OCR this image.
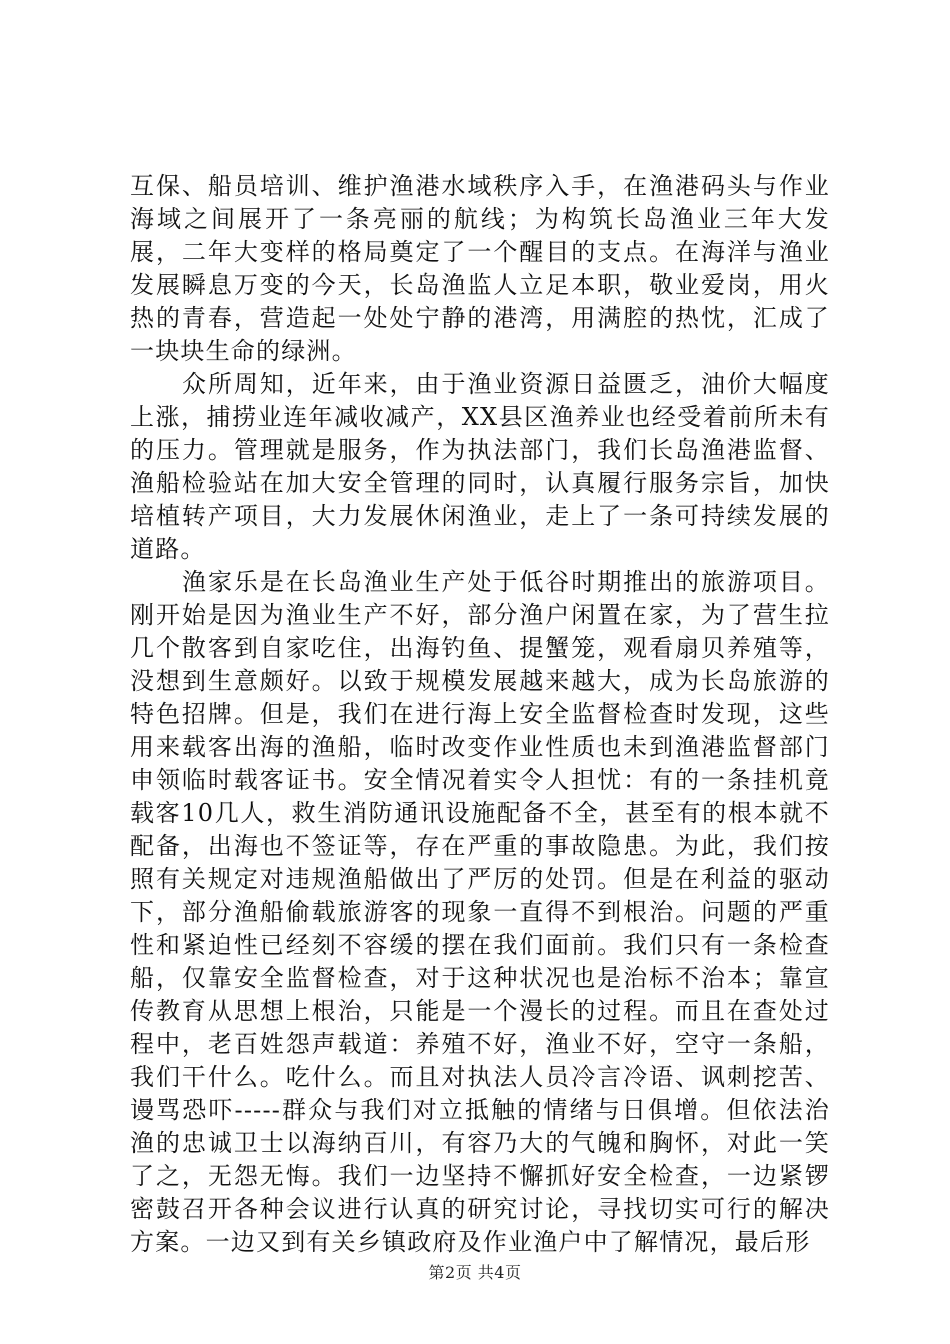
互保、船员培训、维护渔港水域秩序入手，在渔港码头与作业海域之间展开了一条亮丽的航线；为构筑长岛渔业三年大发展，二年大变样的格局奠定了一个醒目的支点。在海洋与渔业发展瞬息万变的今天，长岛渔监人立足本职，敬业爱岗，用火热的青春，营造起一处处宁静的港湾，用满腔的热忱，汇成了一块块生命的绿洲。

众所周知，近年来，由于渔业资源日益匮乏，油价大幅度上涨，捕捞业连年减收减产，XX县区渔养业也经受着前所未有的压力。管理就是服务，作为执法部门，我们长岛渔港监督、渔船检验站在加大安全管理的同时，认真履行服务宗旨，加快培植转产项目，大力发展休闲渔业，走上了一条可持续发展的道路。

渔家乐是在长岛渔业生产处于低谷时期推出的旅游项目。刚开始是因为渔业生产不好，部分渔户闲置在家，为了营生拉几个散客到自家吃住，出海钓鱼、提蟹笼，观看扇贝养殖等，没想到生意颇好。以致于规模发展越来越大，成为长岛旅游的特色招牌。但是，我们在进行海上安全监督检查时发现，这些用来载客出海的渔船，临时改变作业性质也未到渔港监督部门申领临时载客证书。安全情况着实令人担忧：有的一条挂机竟载客10几人，救生消防通讯设施配备不全，甚至有的根本就不配备，出海也不签证等，存在严重的事故隐患。为此，我们按照有关规定对违规渔船做出了严厉的处罚。但是在利益的驱动下，部分渔船偷载旅游客的现象一直得不到根治。问题的严重性和紧迫性已经刻不容缓的摆在我们面前。我们只有一条检查船，仅靠安全监督检查，对于这种状况也是治标不治本；靠宣传教育从思想上根治，只能是一个漫长的过程。而且在查处过程中，老百姓怨声载道：养殖不好，渔业不好，空守一条船，我们干什么。吃什么。而且对执法人员冷言冷语、讽刺挖苦、谩骂恐吓-----群众与我们对立抵触的情绪与日俱增。但依法治渔的忠诚卫士以海纳百川，有容乃大的气魄和胸怀，对此一笑了之，无怨无悔。我们一边坚持不懈抓好安全检查，一边紧锣密鼓召开各种会议进行认真的研究讨论，寻找切实可行的解决方案。一边又到有关乡镇政府及作业渔户中了解情况，最后形

第2页 共4页
